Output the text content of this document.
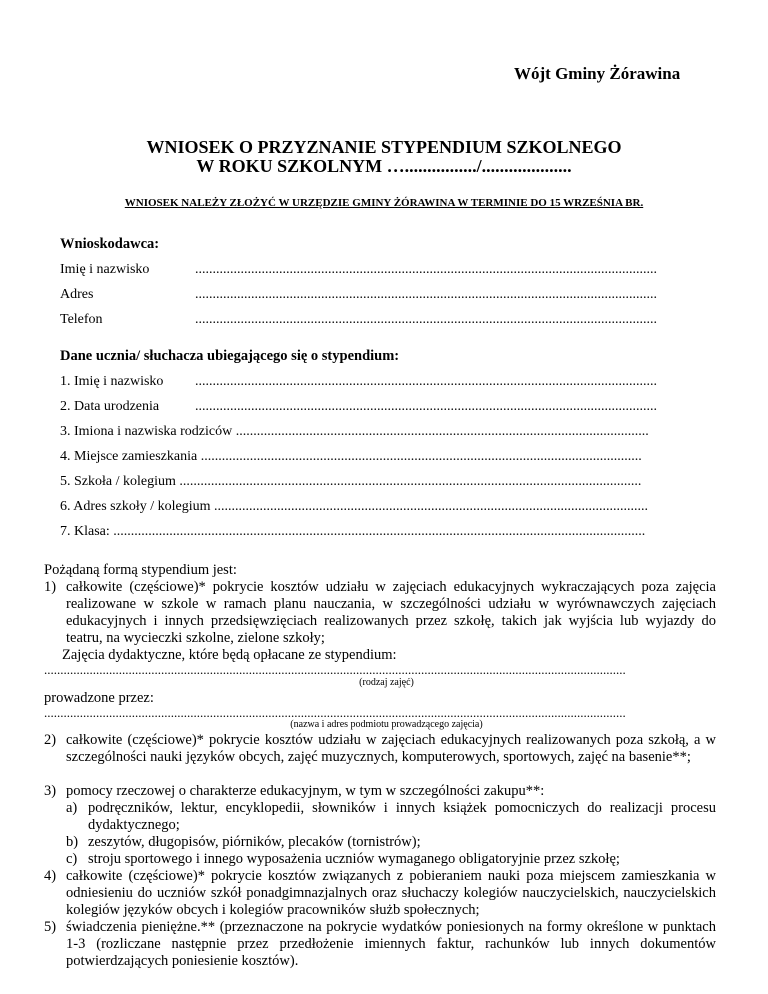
Wójt Gminy Żórawina
WNIOSEK O PRZYZNANIE STYPENDIUM SZKOLNEGO
W ROKU SZKOLNYM …................/....................
WNIOSEK NALEŻY ZŁOŻYĆ W URZĘDZIE GMINY ŻÓRAWINA W TERMINIE DO 15 WRZEŚNIA BR.
Wnioskodawca:
Imię i nazwisko	....................................................................................................................................
Adres	....................................................................................................................................
Telefon	....................................................................................................................................
Dane ucznia/ słuchacza ubiegającego się o stypendium:
1. Imię i nazwisko ....................................................................................................................................
2. Data urodzenia	....................................................................................................................................
3. Imiona i nazwiska rodziców ......................................................................................................................
4. Miejsce zamieszkania ..............................................................................................................................
5. Szkoła / kolegium ....................................................................................................................................
6. Adres szkoły / kolegium ............................................................................................................................
7. Klasa: ........................................................................................................................................................
Pożądaną formą stypendium jest:
1) całkowite (częściowe)* pokrycie kosztów udziału w zajęciach edukacyjnych wykraczających poza zajęcia realizowane w szkole w ramach planu nauczania, w szczególności udziału w wyrównawczych zajęciach edukacyjnych i innych przedsięwzięciach realizowanych przez szkołę, takich jak wyjścia lub wyjazdy do teatru, na wycieczki szkolne, zielone szkoły;
Zajęcia dydaktyczne, które będą opłacane ze stypendium:
...................................................................................................................................................................................
(rodzaj zajęć)
prowadzone przez:
...................................................................................................................................................................................
(nazwa i adres podmiotu prowadzącego zajęcia)
2) całkowite (częściowe)* pokrycie kosztów udziału w zajęciach edukacyjnych realizowanych poza szkołą, a w szczególności nauki języków obcych, zajęć muzycznych, komputerowych, sportowych, zajęć na basenie**;
3) pomocy rzeczowej o charakterze edukacyjnym, w tym w szczególności zakupu**:
a) podręczników, lektur, encyklopedii, słowników i innych książek pomocniczych do realizacji procesu dydaktycznego;
b) zeszytów, długopisów, piórników, plecaków (tornistrów);
c) stroju sportowego i innego wyposażenia uczniów wymaganego obligatoryjnie przez szkołę;
4) całkowite (częściowe)* pokrycie kosztów związanych z pobieraniem nauki poza miejscem zamieszkania w odniesieniu do uczniów szkół ponadgimnazjalnych oraz słuchaczy kolegiów nauczycielskich, nauczycielskich kolegiów języków obcych i kolegiów pracowników służb społecznych;
5) świadczenia pieniężne.** (przeznaczone na pokrycie wydatków poniesionych na formy określone w punktach 1-3 (rozliczane następnie przez przedłożenie imiennych faktur, rachunków lub innych dokumentów potwierdzających poniesienie kosztów).
